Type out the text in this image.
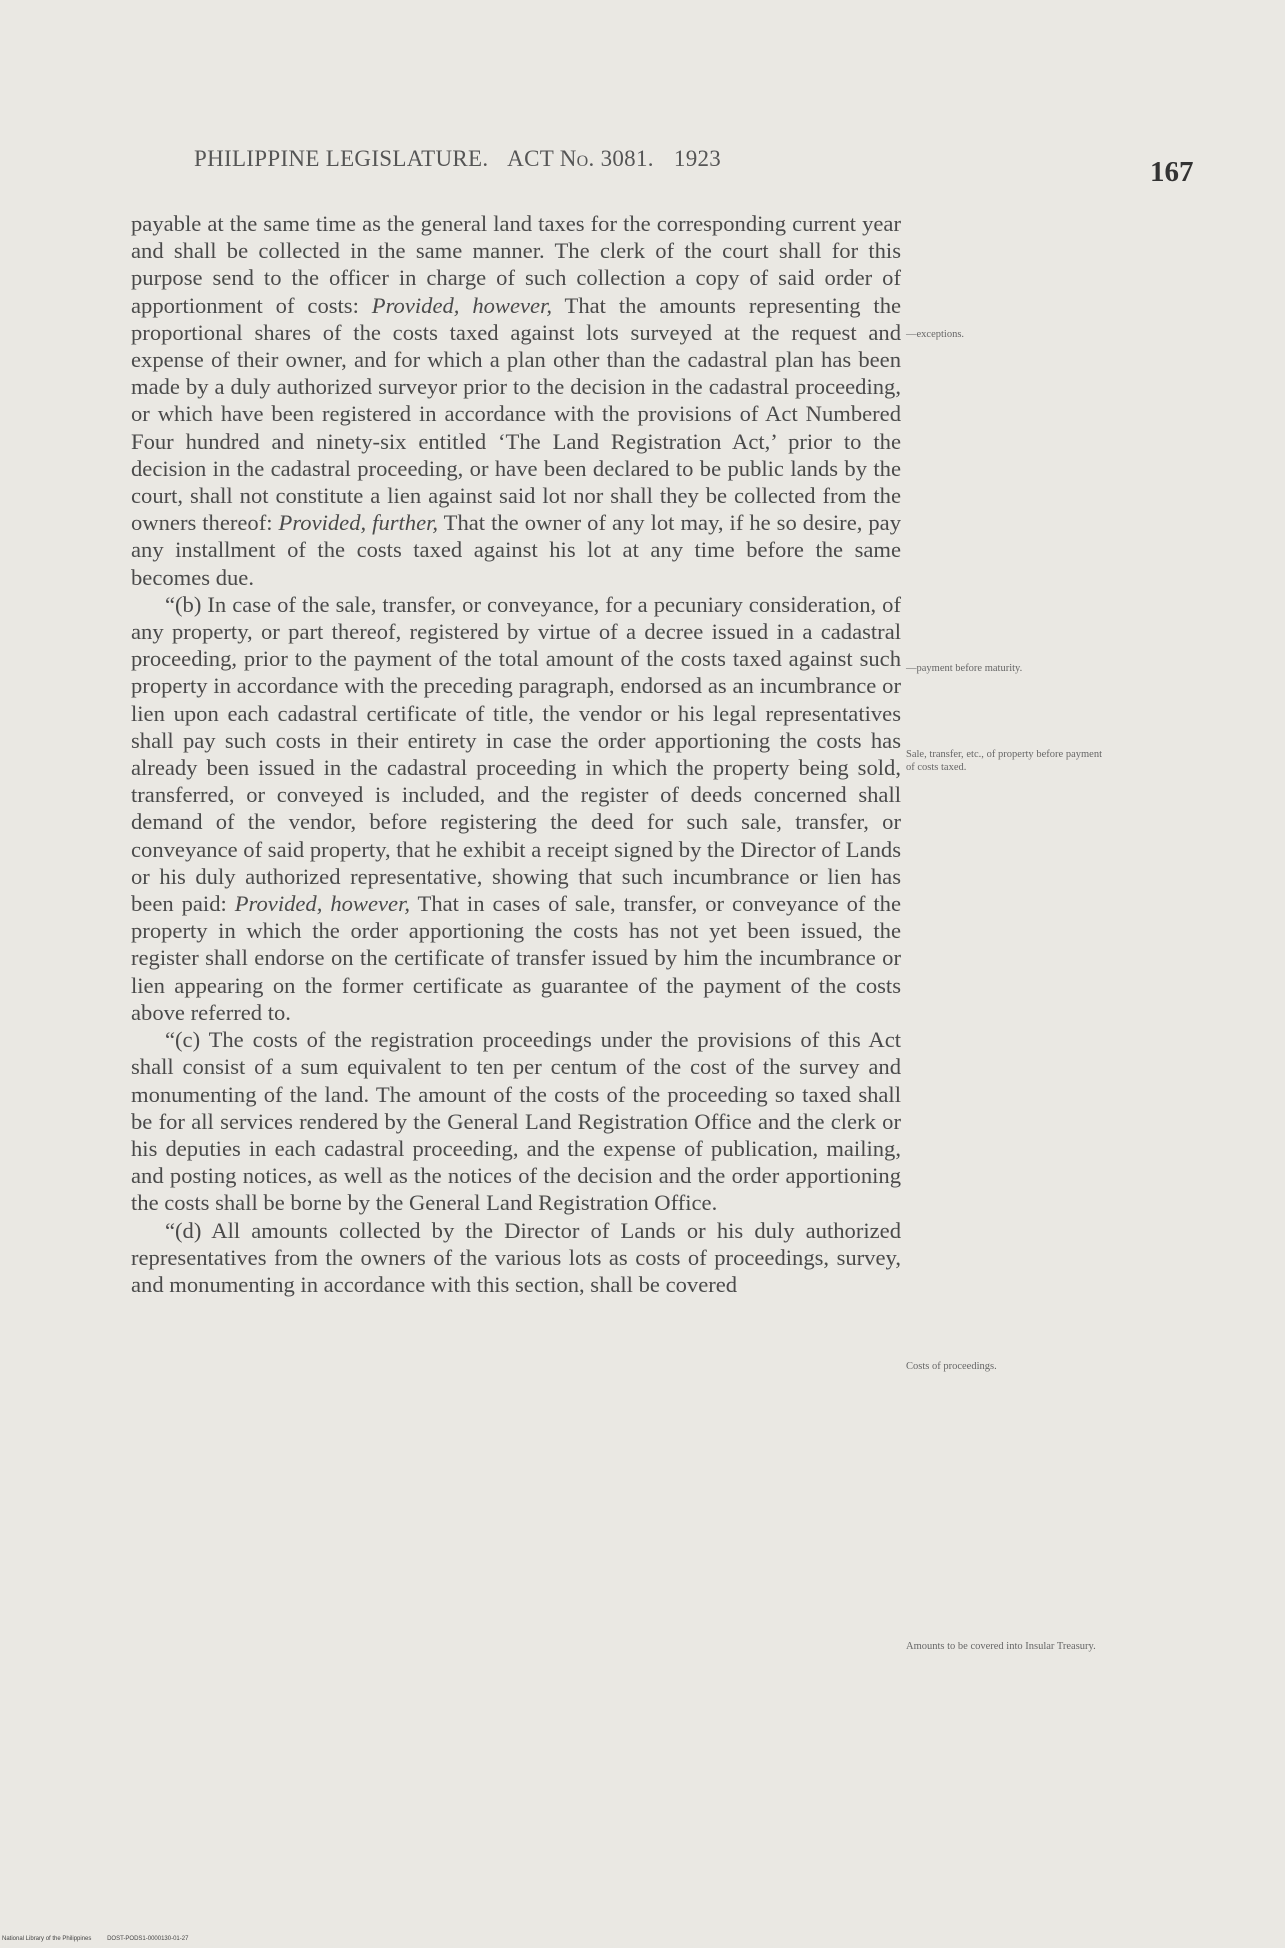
PHILIPPINE LEGISLATURE. ACT No. 3081. 1923	167

payable at the same time as the general land taxes for the corresponding current year and shall be collected in the same manner. The clerk of the court shall for this purpose send to the officer in charge of such collection a copy of said order of apportionment of costs: Provided, however, That the amounts representing the proportional shares of the costs taxed against lots surveyed at the request and expense of their owner, and for which a plan other than the cadastral plan has been made by a duly authorized surveyor prior to the decision in the cadastral proceeding, or which have been registered in accordance with the provisions of Act Numbered Four hundred and ninety-six entitled ‘The Land Registration Act,’ prior to the decision in the cadastral proceeding, or have been declared to be public lands by the court, shall not constitute a lien against said lot nor shall they be collected from the owners thereof: Provided, further, That the owner of any lot may, if he so desire, pay any installment of the costs taxed against his lot at any time before the same becomes due.

“(b) In case of the sale, transfer, or conveyance, for a pecuniary consideration, of any property, or part thereof, registered by virtue of a decree issued in a cadastral proceeding, prior to the payment of the total amount of the costs taxed against such property in accordance with the preceding paragraph, endorsed as an incumbrance or lien upon each cadastral certificate of title, the vendor or his legal representatives shall pay such costs in their entirety in case the order apportioning the costs has already been issued in the cadastral proceeding in which the property being sold, transferred, or conveyed is included, and the register of deeds concerned shall demand of the vendor, before registering the deed for such sale, transfer, or conveyance of said property, that he exhibit a receipt signed by the Director of Lands or his duly authorized representative, showing that such incumbrance or lien has been paid: Provided, however, That in cases of sale, transfer, or conveyance of the property in which the order apportioning the costs has not yet been issued, the register shall endorse on the certificate of transfer issued by him the incumbrance or lien appearing on the former certificate as guarantee of the payment of the costs above referred to.

“(c) The costs of the registration proceedings under the provisions of this Act shall consist of a sum equivalent to ten per centum of the cost of the survey and monumenting of the land. The amount of the costs of the proceeding so taxed shall be for all services rendered by the General Land Registration Office and the clerk or his deputies in each cadastral proceeding, and the expense of publication, mailing, and posting notices, as well as the notices of the decision and the order apportioning the costs shall be borne by the General Land Registration Office.

“(d) All amounts collected by the Director of Lands or his duly authorized representatives from the owners of the various lots as costs of proceedings, survey, and monumenting in accordance with this section, shall be covered

—exceptions.
—payment before maturity.
Sale, transfer, etc., of property before payment of costs taxed.
Costs of proceedings.
Amounts to be covered into Insular Treasury.
National Library of the Philippines	DOST-PODS1-0000130-01-27
